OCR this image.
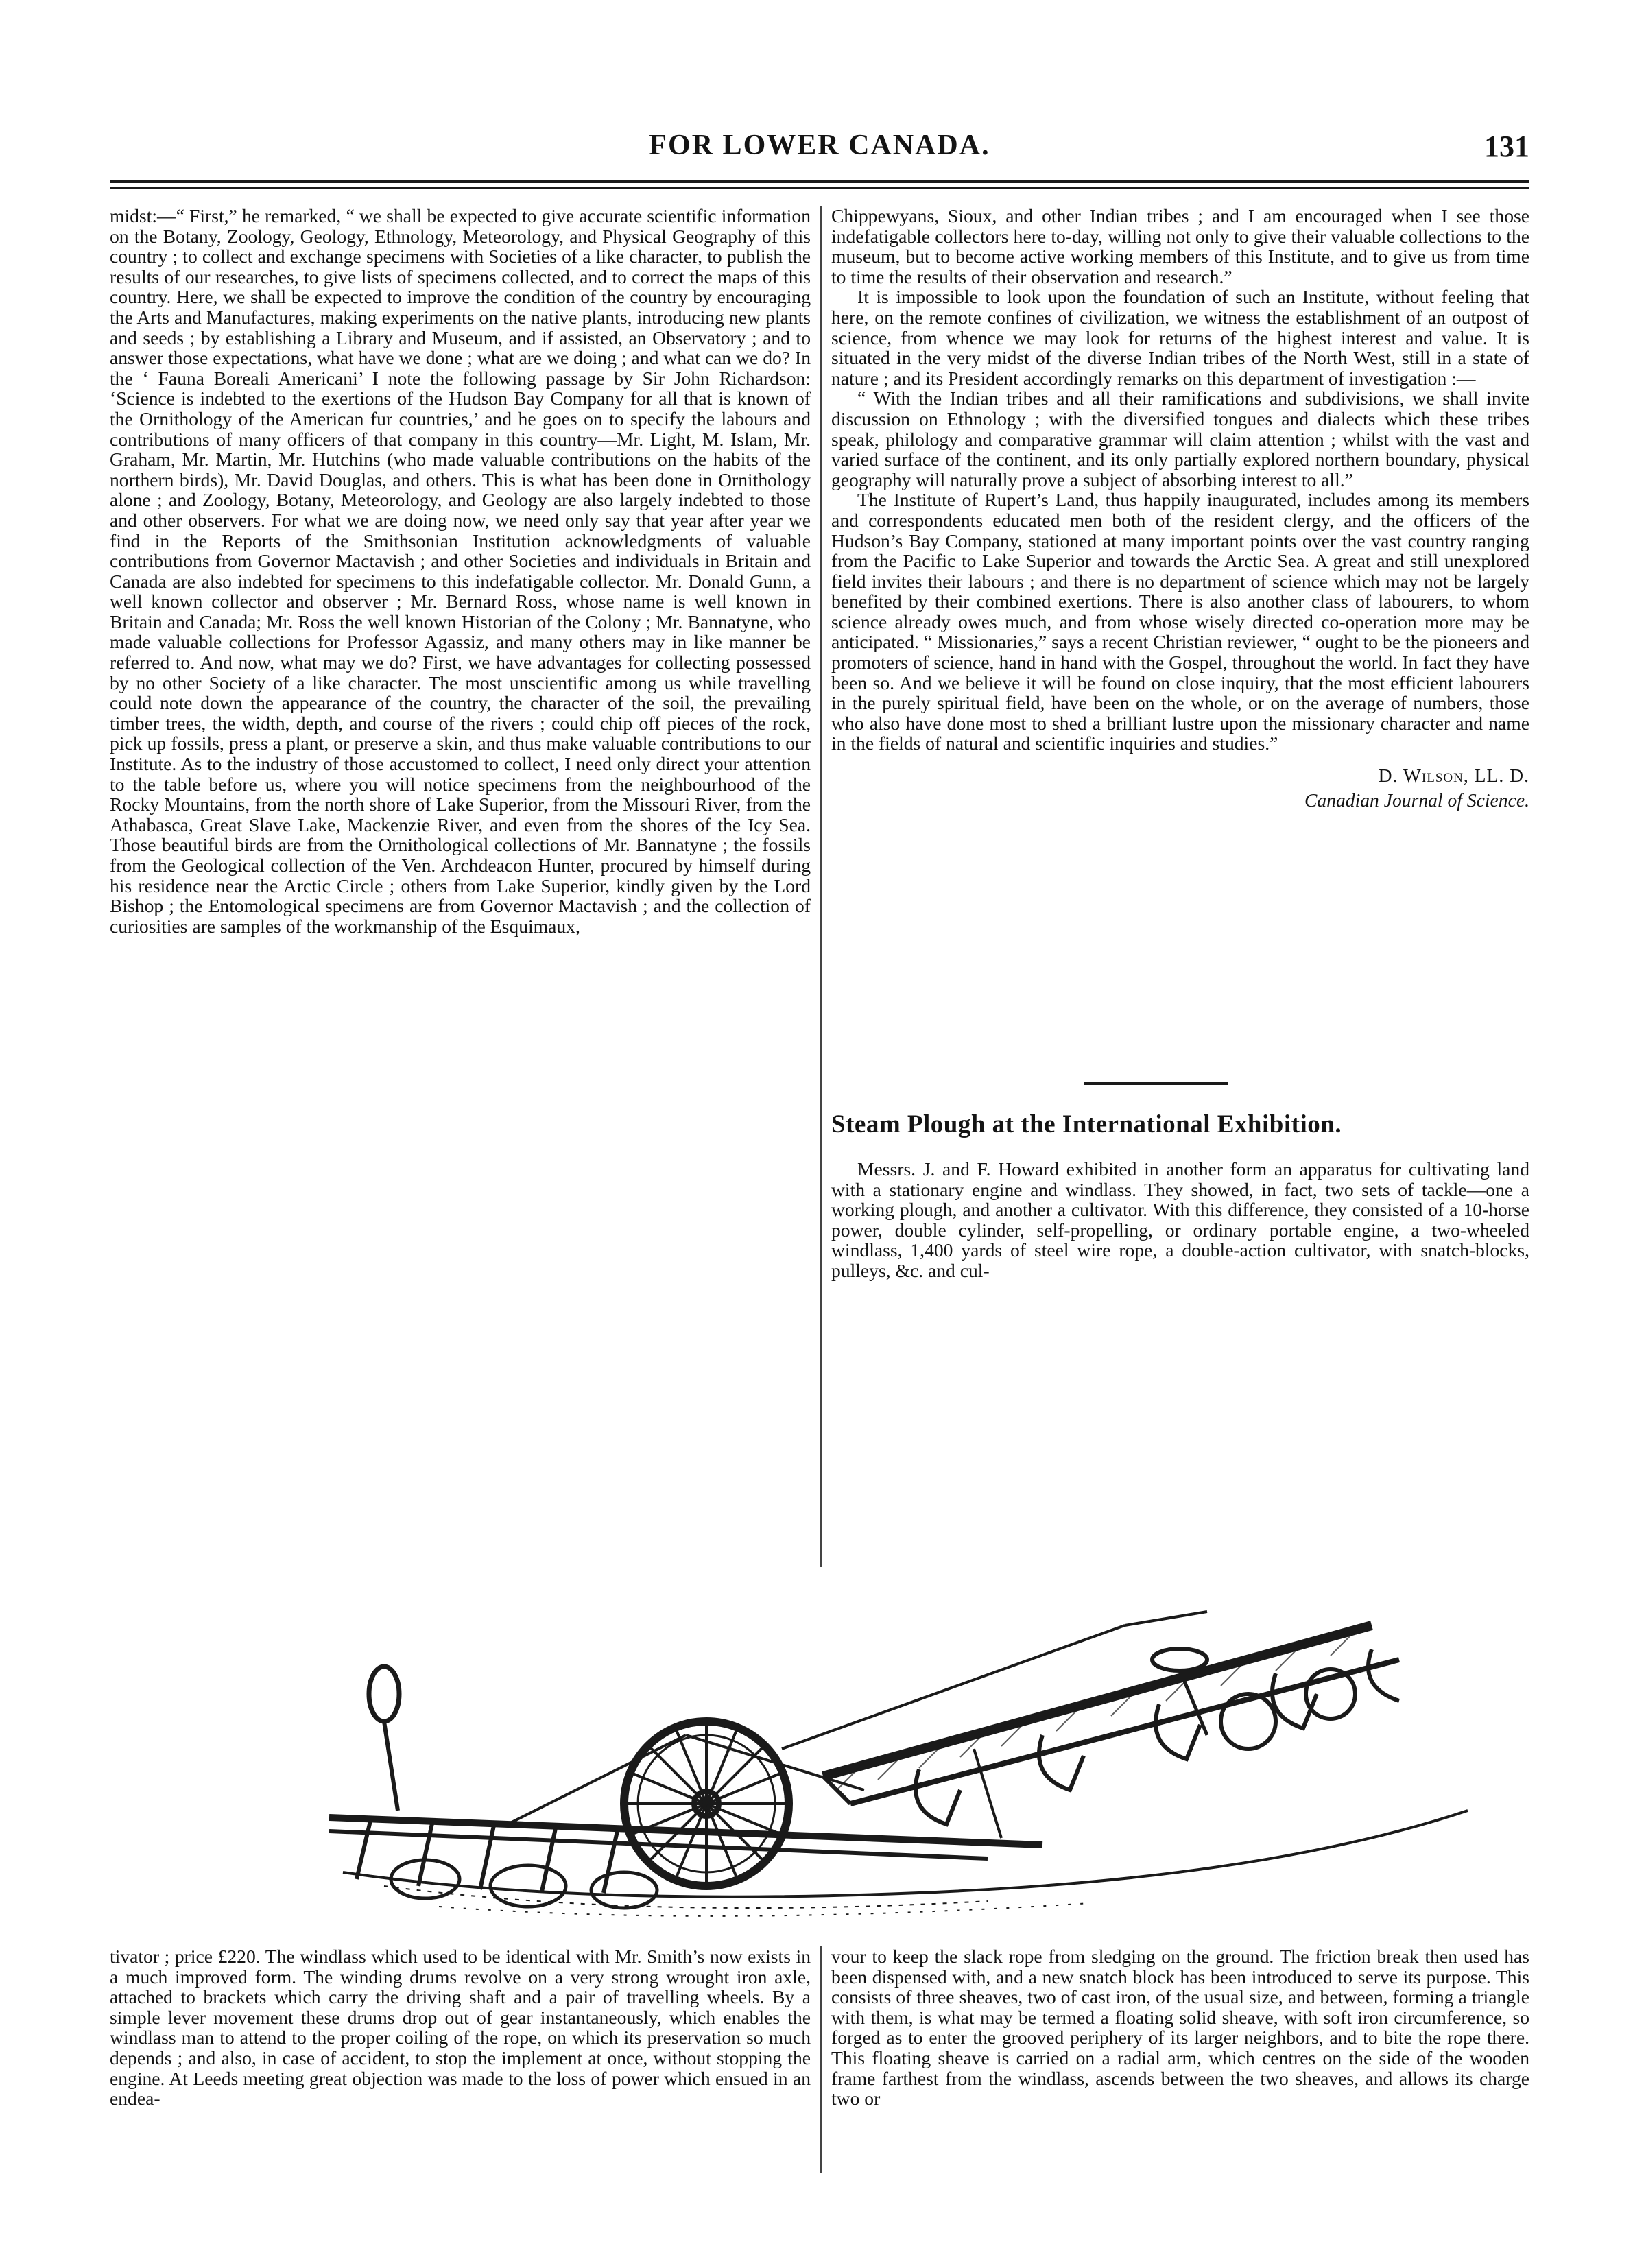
FOR LOWER CANADA.	131

midst:—“ First,” he remarked, “ we shall be expected to give accurate scientific information on the Botany, Zoology, Geology, Ethnology, Meteorology, and Physical Geography of this country ; to collect and exchange specimens with Societies of a like character, to publish the results of our researches, to give lists of specimens collected, and to correct the maps of this country. Here, we shall be expected to improve the condition of the country by encouraging the Arts and Manufactures, making experiments on the native plants, introducing new plants and seeds ; by establishing a Library and Museum, and if assisted, an Observatory ; and to answer those expectations, what have we done ; what are we doing ; and what can we do? In the ‘ Fauna Boreali Americani’ I note the following passage by Sir John Richardson: ‘Science is indebted to the exertions of the Hudson Bay Company for all that is known of the Ornithology of the American fur countries,’ and he goes on to specify the labours and contributions of many officers of that company in this country—Mr. Light, M. Islam, Mr. Graham, Mr. Martin, Mr. Hutchins (who made valuable contributions on the habits of the northern birds), Mr. David Douglas, and others. This is what has been done in Ornithology alone ; and Zoology, Botany, Meteorology, and Geology are also largely indebted to those and other observers. For what we are doing now, we need only say that year after year we find in the Reports of the Smithsonian Institution acknowledgments of valuable contributions from Governor Mactavish ; and other Societies and individuals in Britain and Canada are also indebted for specimens to this indefatigable collector. Mr. Donald Gunn, a well known collector and observer ; Mr. Bernard Ross, whose name is well known in Britain and Canada; Mr. Ross the well known Historian of the Colony ; Mr. Bannatyne, who made valuable collections for Professor Agassiz, and many others may in like manner be referred to. And now, what may we do? First, we have advantages for collecting possessed by no other Society of a like character. The most unscientific among us while travelling could note down the appearance of the country, the character of the soil, the prevailing timber trees, the width, depth, and course of the rivers ; could chip off pieces of the rock, pick up fossils, press a plant, or preserve a skin, and thus make valuable contributions to our Institute. As to the industry of those accustomed to collect, I need only direct your attention to the table before us, where you will notice specimens from the neighbourhood of the Rocky Mountains, from the north shore of Lake Superior, from the Missouri River, from the Athabasca, Great Slave Lake, Mackenzie River, and even from the shores of the Icy Sea. Those beautiful birds are from the Ornithological collections of Mr. Bannatyne ; the fossils from the Geological collection of the Ven. Archdeacon Hunter, procured by himself during his residence near the Arctic Circle ; others from Lake Superior, kindly given by the Lord Bishop ; the Entomological specimens are from Governor Mactavish ; and the collection of curiosities are samples of the workmanship of the Esquimaux,

Chippewyans, Sioux, and other Indian tribes ; and I am encouraged when I see those indefatigable collectors here to-day, willing not only to give their valuable collections to the museum, but to become active working members of this Institute, and to give us from time to time the results of their observation and research.”

It is impossible to look upon the foundation of such an Institute, without feeling that here, on the remote confines of civilization, we witness the establishment of an outpost of science, from whence we may look for returns of the highest interest and value. It is situated in the very midst of the diverse Indian tribes of the North West, still in a state of nature ; and its President accordingly remarks on this department of investigation :—

“ With the Indian tribes and all their ramifications and subdivisions, we shall invite discussion on Ethnology ; with the diversified tongues and dialects which these tribes speak, philology and comparative grammar will claim attention ; whilst with the vast and varied surface of the continent, and its only partially explored northern boundary, physical geography will naturally prove a subject of absorbing interest to all.”

The Institute of Rupert’s Land, thus happily inaugurated, includes among its members and correspondents educated men both of the resident clergy, and the officers of the Hudson’s Bay Company, stationed at many important points over the vast country ranging from the Pacific to Lake Superior and towards the Arctic Sea. A great and still unexplored field invites their labours ; and there is no department of science which may not be largely benefited by their combined exertions. There is also another class of labourers, to whom science already owes much, and from whose wisely directed co-operation more may be anticipated. “ Missionaries,” says a recent Christian reviewer, “ ought to be the pioneers and promoters of science, hand in hand with the Gospel, throughout the world. In fact they have been so. And we believe it will be found on close inquiry, that the most efficient labourers in the purely spiritual field, have been on the whole, or on the average of numbers, those who also have done most to shed a brilliant lustre upon the missionary character and name in the fields of natural and scientific inquiries and studies.”

D. Wilson, LL. D.
Canadian Journal of Science.
Steam Plough at the International Exhibition.

Messrs. J. and F. Howard exhibited in another form an apparatus for cultivating land with a stationary engine and windlass. They showed, in fact, two sets of tackle—one a working plough, and another a cultivator. With this difference, they consisted of a 10-horse power, double cylinder, self-propelling, or ordinary portable engine, a two-wheeled windlass, 1,400 yards of steel wire rope, a double-action cultivator, with snatch-blocks, pulleys, &c. and cul-

tivator ; price £220. The windlass which used to be identical with Mr. Smith’s now exists in a much improved form. The winding drums revolve on a very strong wrought iron axle, attached to brackets which carry the driving shaft and a pair of travelling wheels. By a simple lever movement these drums drop out of gear instantaneously, which enables the windlass man to attend to the proper coiling of the rope, on which its preservation so much depends ; and also, in case of accident, to stop the implement at once, without stopping the engine. At Leeds meeting great objection was made to the loss of power which ensued in an endea-

vour to keep the slack rope from sledging on the ground. The friction break then used has been dispensed with, and a new snatch block has been introduced to serve its purpose. This consists of three sheaves, two of cast iron, of the usual size, and between, forming a triangle with them, is what may be termed a floating solid sheave, with soft iron circumference, so forged as to enter the grooved periphery of its larger neighbors, and to bite the rope there. This floating sheave is carried on a radial arm, which centres on the side of the wooden frame farthest from the windlass, ascends between the two sheaves, and allows its charge two or
